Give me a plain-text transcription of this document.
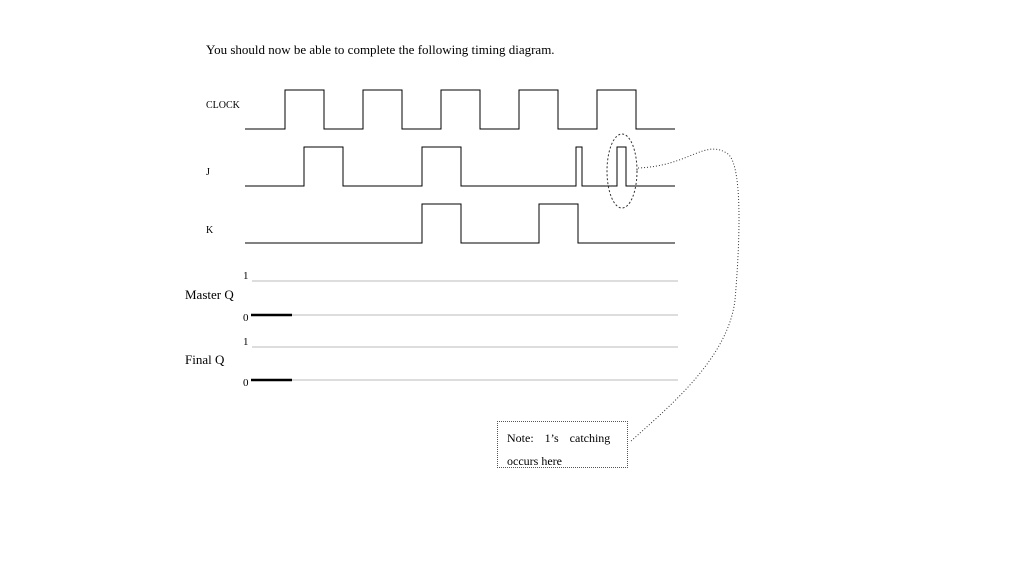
You should now be able to complete the following timing diagram.
CLOCK
J
K
Master Q
1
0
Final Q
1
0
Note: 1’s catching
occurs here
